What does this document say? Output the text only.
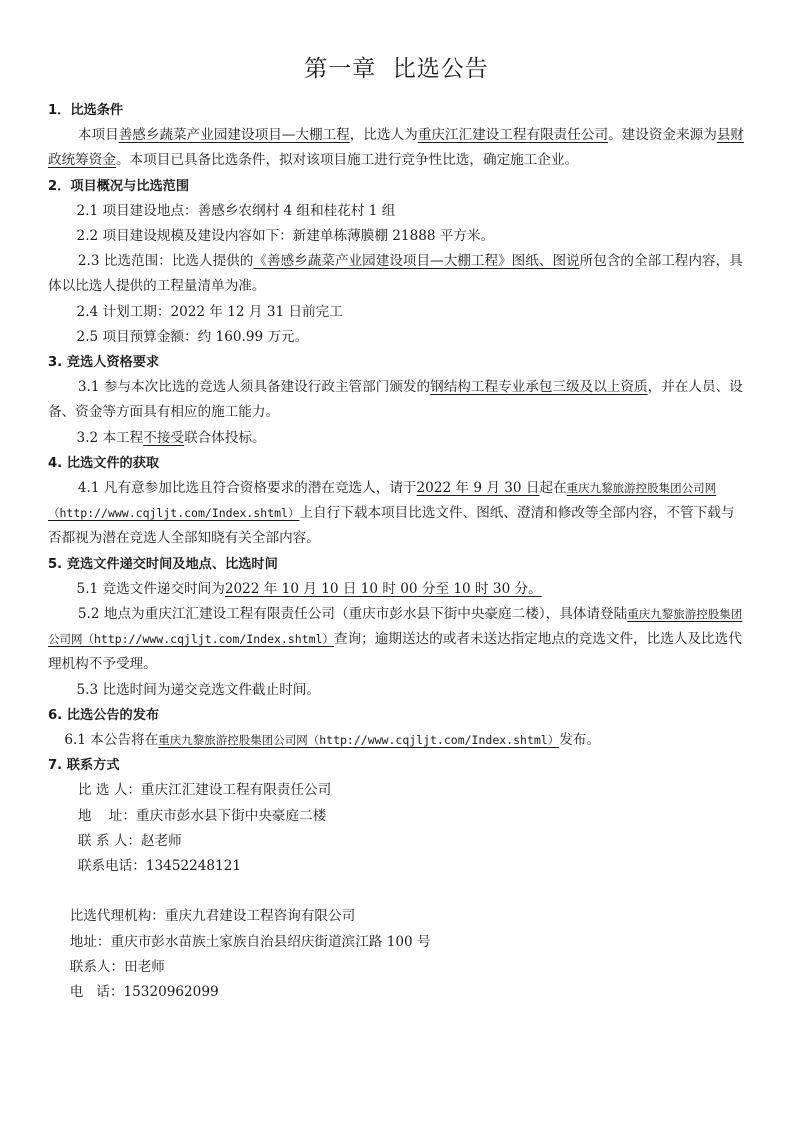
第一章  比选公告

1．比选条件

本项目善感乡蔬菜产业园建设项目—大棚工程，比选人为重庆江汇建设工程有限责任公司。建设资金来源为县财政统筹资金。本项目已具备比选条件，拟对该项目施工进行竞争性比选，确定施工企业。

2．项目概况与比选范围

2.1 项目建设地点：善感乡农纲村 4 组和桂花村 1 组

2.2 项目建设规模及建设内容如下：新建单栋薄膜棚 21888 平方米。

2.3 比选范围：比选人提供的《善感乡蔬菜产业园建设项目—大棚工程》图纸、图说所包含的全部工程内容，具体以比选人提供的工程量清单为准。

2.4 计划工期：2022 年 12 月 31 日前完工

2.5 项目预算金额：约 160.99 万元。

3. 竞选人资格要求

3.1 参与本次比选的竞选人须具备建设行政主管部门颁发的钢结构工程专业承包三级及以上资质，并在人员、设备、资金等方面具有相应的施工能力。

3.2 本工程不接受联合体投标。

4. 比选文件的获取

4.1 凡有意参加比选且符合资格要求的潜在竞选人，请于2022 年 9 月 30 日起在重庆九黎旅游控股集团公司网（http://www.cqjljt.com/Index.shtml）上自行下载本项目比选文件、图纸、澄清和修改等全部内容，不管下载与否都视为潜在竞选人全部知晓有关全部内容。

5. 竞选文件递交时间及地点、比选时间

5.1 竞选文件递交时间为2022 年 10 月 10 日 10 时 00 分至 10 时 30 分。

5.2 地点为重庆江汇建设工程有限责任公司（重庆市彭水县下街中央豪庭二楼），具体请登陆重庆九黎旅游控股集团公司网（http://www.cqjljt.com/Index.shtml）查询；逾期送达的或者未送达指定地点的竞选文件，比选人及比选代理机构不予受理。

5.3 比选时间为递交竞选文件截止时间。

6. 比选公告的发布

6.1 本公告将在重庆九黎旅游控股集团公司网（http://www.cqjljt.com/Index.shtml）发布。

7. 联系方式

比 选 人：重庆江汇建设工程有限责任公司

地    址：重庆市彭水县下街中央豪庭二楼

联 系 人：赵老师

联系电话：13452248121

比选代理机构：重庆九君建设工程咨询有限公司

地址：重庆市彭水苗族土家族自治县绍庆街道滨江路 100 号

联系人：田老师

电   话：15320962099
